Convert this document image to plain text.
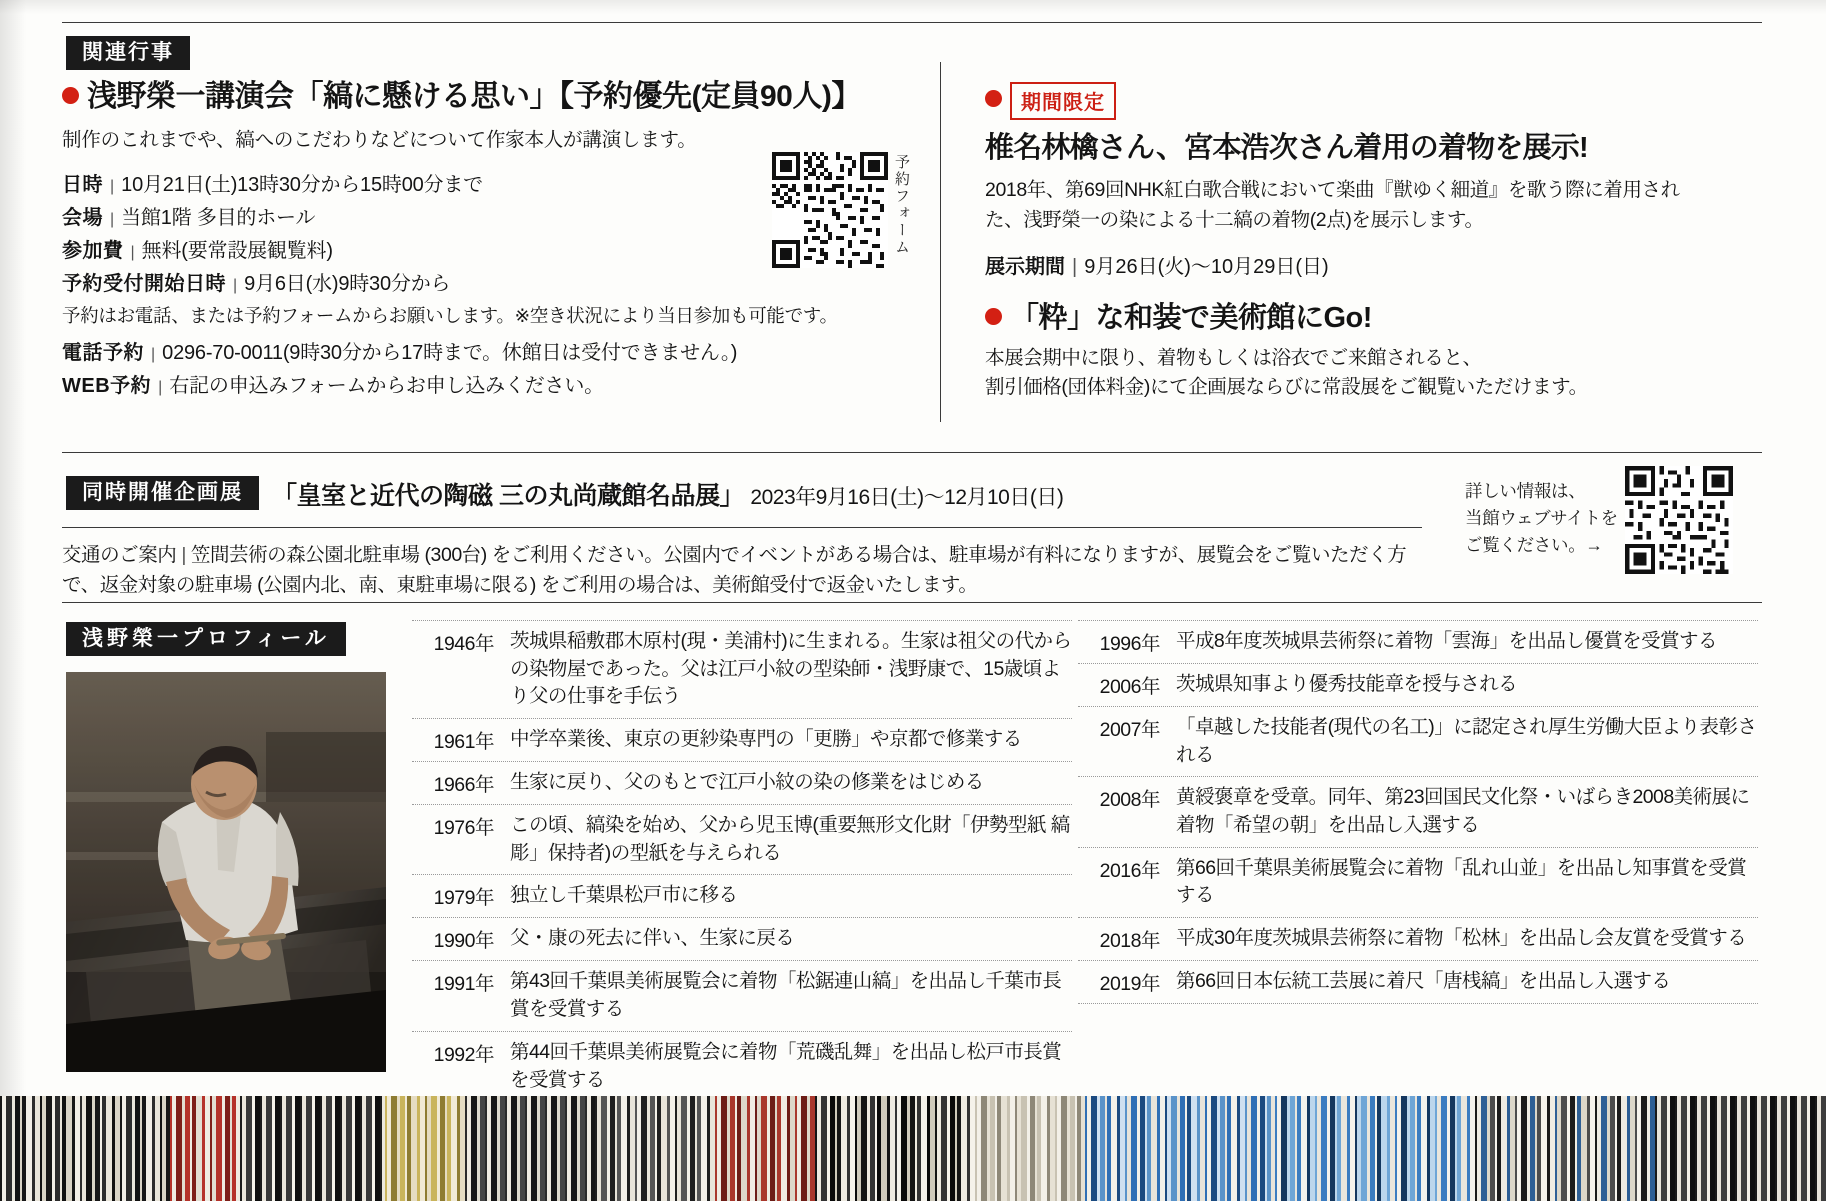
関連行事
浅野榮一講演会「縞に懸ける思い」【予約優先(定員90人)】

制作のこれまでや、縞へのこだわりなどについて作家本人が講演します。

日時 | 10月21日(土)13時30分から15時00分まで
会場 | 当館1階 多目的ホール
参加費 | 無料(要常設展観覧料)
予約受付開始日時 | 9月6日(水)9時30分から

予約はお電話、または予約フォームからお願いします。※空き状況により当日参加も可能です。

電話予約 | 0296-70-0011(9時30分から17時まで。休館日は受付できません。)
WEB予約 | 右記の申込みフォームからお申し込みください。
予約フォーム
期間限定
椎名林檎さん、宮本浩次さん着用の着物を展示!
2018年、第69回NHK紅白歌合戦において楽曲『獣ゆく細道』を歌う際に着用された、浅野榮一の染による十二縞の着物(2点)を展示します。
展示期間 | 9月26日(火)〜10月29日(日)
「粋」な和装で美術館にGo!
本展会期中に限り、着物もしくは浴衣でご来館されると、
割引価格(団体料金)にて企画展ならびに常設展をご観覧いただけます。
同時開催企画展	「皇室と近代の陶磁 三の丸尚蔵館名品展」 2023年9月16日(土)〜12月10日(日)
交通のご案内 | 笠間芸術の森公園北駐車場 (300台) をご利用ください。公園内でイベントがある場合は、駐車場が有料になりますが、展覧会をご覧いただく方で、返金対象の駐車場 (公園内北、南、東駐車場に限る) をご利用の場合は、美術館受付で返金いたします。
詳しい情報は、
当館ウェブサイトを
ご覧ください。→
浅野榮一プロフィール	1946年 茨城県稲敷郡木原村(現・美浦村)に生まれる。生家は祖父の代からの染物屋であった。父は江戸小紋の型染師・浅野康で、15歳頃より父の仕事を手伝う
1961年 中学卒業後、東京の更紗染専門の「更勝」や京都で修業する
1966年 生家に戻り、父のもとで江戸小紋の染の修業をはじめる
1976年 この頃、縞染を始め、父から児玉博(重要無形文化財「伊勢型紙 縞彫」保持者)の型紙を与えられる
1979年 独立し千葉県松戸市に移る
1990年 父・康の死去に伴い、生家に戻る
1991年 第43回千葉県美術展覧会に着物「松鋸連山縞」を出品し千葉市長賞を受賞する
1992年 第44回千葉県美術展覧会に着物「荒磯乱舞」を出品し松戸市長賞を受賞する
1996年 平成8年度茨城県芸術祭に着物「雲海」を出品し優賞を受賞する
2006年 茨城県知事より優秀技能章を授与される
2007年 「卓越した技能者(現代の名工)」に認定され厚生労働大臣より表彰される
2008年 黄綬褒章を受章。同年、第23回国民文化祭・いばらき2008美術展に着物「希望の朝」を出品し入選する
2016年 第66回千葉県美術展覧会に着物「乱れ山並」を出品し知事賞を受賞する
2018年 平成30年度茨城県芸術祭に着物「松林」を出品し会友賞を受賞する
2019年 第66回日本伝統工芸展に着尺「唐桟縞」を出品し入選する
